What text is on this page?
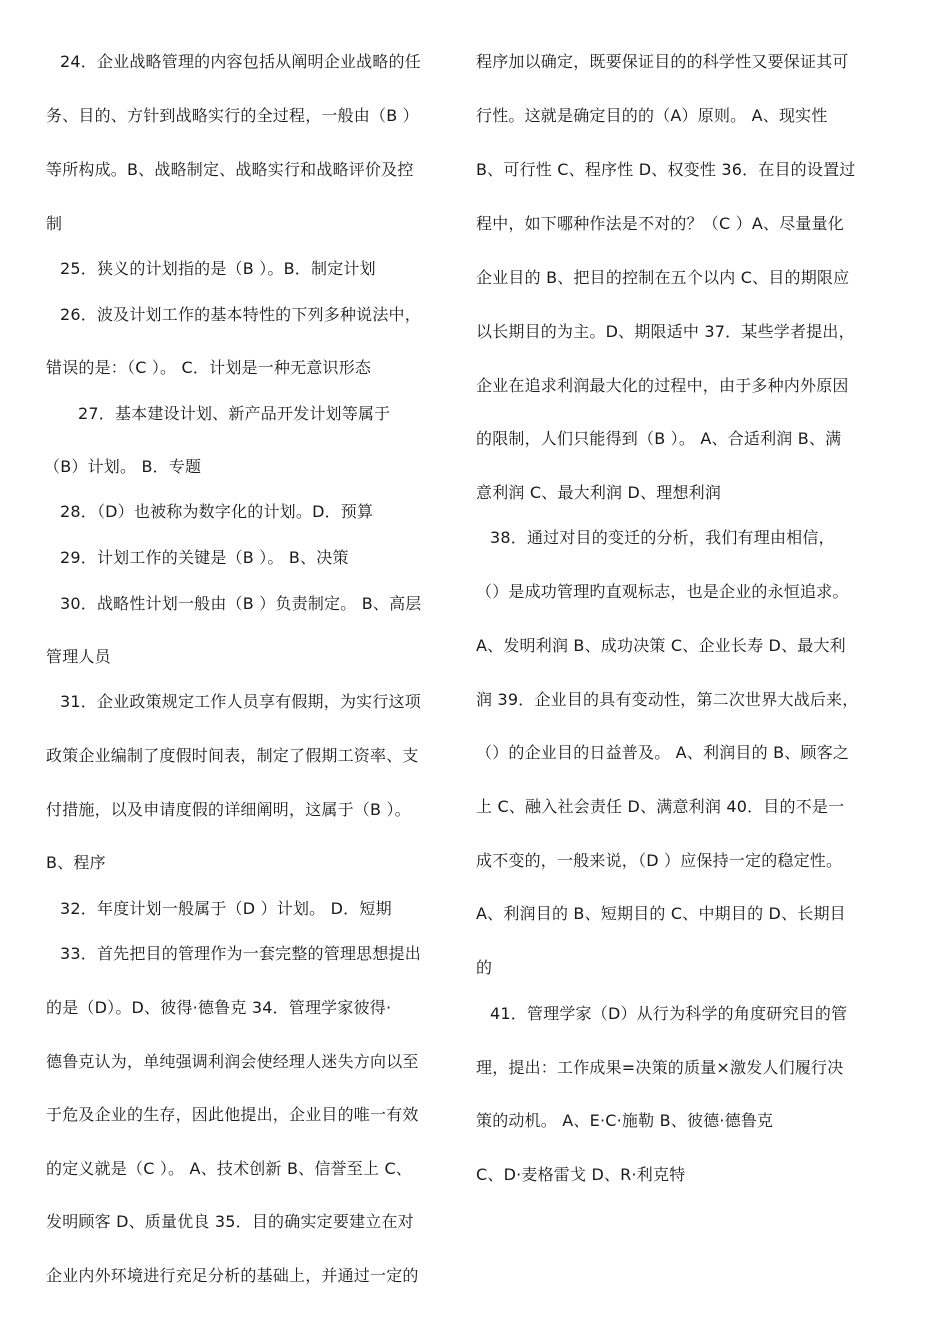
24．企业战略管理的内容包括从阐明企业战略的任
务、目的、方针到战略实行的全过程，一般由（B ）
等所构成。B、战略制定、战略实行和战略评价及控
制
25．狭义的计划指的是（B ）。B．制定计划
26．波及计划工作的基本特性的下列多种说法中，
错误的是：（C ）。 C．计划是一种无意识形态
27．基本建设计划、新产品开发计划等属于
（B）计划。 B．专题
28．（D）也被称为数字化的计划。D．预算
29．计划工作的关键是（B ）。 B、决策
30．战略性计划一般由（B ）负责制定。 B、高层
管理人员
31．企业政策规定工作人员享有假期，为实行这项
政策企业编制了度假时间表，制定了假期工资率、支
付措施，以及申请度假的详细阐明，这属于（B ）。
B、程序
32．年度计划一般属于（D ）计划。 D．短期
33．首先把目的管理作为一套完整的管理思想提出
的是（D）。D、彼得·德鲁克 34．管理学家彼得·
德鲁克认为，单纯强调利润会使经理人迷失方向以至
于危及企业的生存，因此他提出，企业目的唯一有效
的定义就是（C ）。 A、技术创新 B、信誉至上 C、
发明顾客 D、质量优良 35．目的确实定要建立在对
企业内外环境进行充足分析的基础上，并通过一定的
程序加以确定，既要保证目的的科学性又要保证其可
行性。这就是确定目的的（A）原则。 A、现实性
B、可行性 C、程序性 D、权变性 36．在目的设置过
程中，如下哪种作法是不对的？（C ）A、尽量量化
企业目的 B、把目的控制在五个以内 C、目的期限应
以长期目的为主。D、期限适中 37．某些学者提出，
企业在追求利润最大化的过程中，由于多种内外原因
的限制，人们只能得到（B ）。 A、合适利润 B、满
意利润 C、最大利润 D、理想利润
38．通过对目的变迁的分析，我们有理由相信，
（）是成功管理旳直观标志，也是企业的永恒追求。
A、发明利润 B、成功决策 C、企业长寿 D、最大利
润 39．企业目的具有变动性，第二次世界大战后来，
（）的企业目的日益普及。 A、利润目的 B、顾客之
上 C、融入社会责任 D、满意利润 40．目的不是一
成不变的，一般来说，（D ）应保持一定的稳定性。
A、利润目的 B、短期目的 C、中期目的 D、长期目
的
41．管理学家（D）从行为科学的角度研究目的管
理，提出：工作成果=决策的质量×激发人们履行决
策的动机。 A、E·C·施勒 B、彼德·德鲁克
C、D·麦格雷戈 D、R·利克特
